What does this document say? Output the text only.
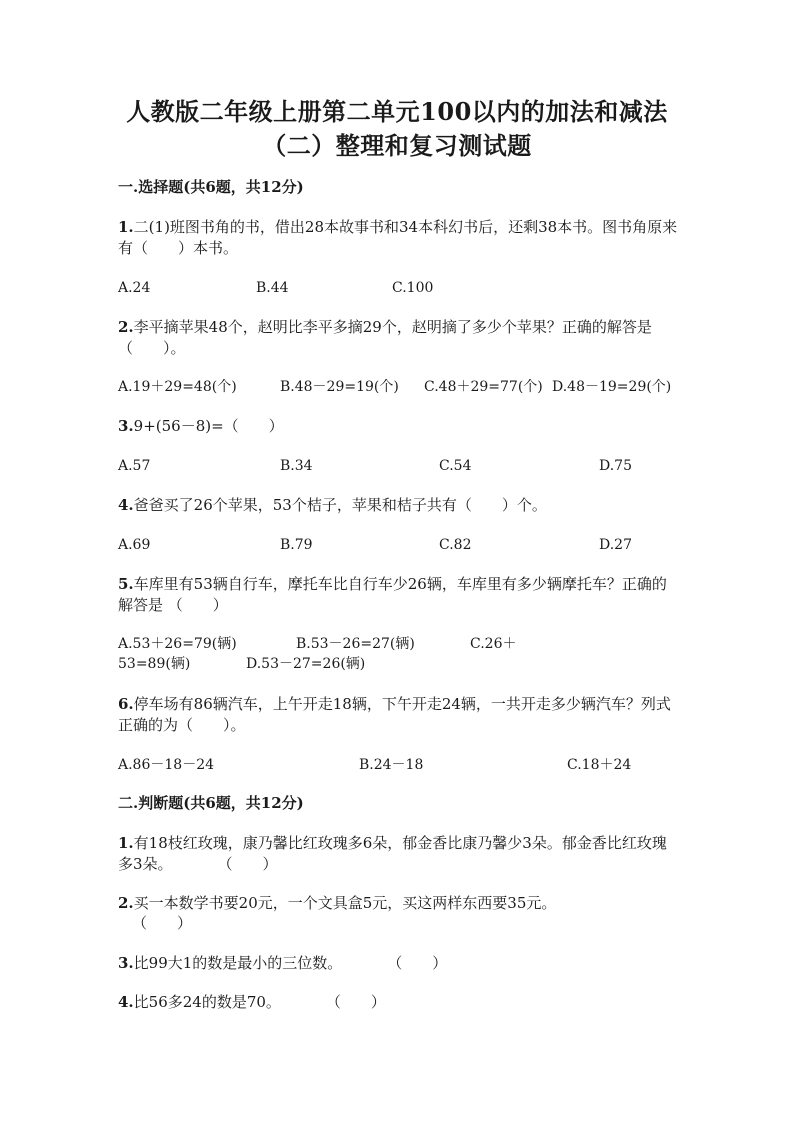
人教版二年级上册第二单元100以内的加法和减法
（二）整理和复习测试题
一.选择题(共6题，共12分)
1.二(1)班图书角的书，借出28本故事书和34本科幻书后，还剩38本书。图书角原来有（　　）本书。
A.24	B.44	C.100
2.李平摘苹果48个，赵明比李平多摘29个，赵明摘了多少个苹果？正确的解答是 （　　）。
A.19＋29=48(个)	B.48－29=19(个) C.48＋29=77(个) D.48－19=29(个)
3.9+(56－8)=（　　）
A.57	B.34	C.54	D.75
4.爸爸买了26个苹果，53个桔子，苹果和桔子共有（　　）个。
A.69	B.79	C.82	D.27
5.车库里有53辆自行车，摩托车比自行车少26辆，车库里有多少辆摩托车？正确的解答是 （　　）
A.53＋26=79(辆)	B.53－26=27(辆)	C.26＋
53=89(辆)	D.53－27=26(辆)
6.停车场有86辆汽车，上午开走18辆，下午开走24辆，一共开走多少辆汽车？列式正确的为（　　）。
A.86－18－24	B.24－18	C.18＋24
二.判断题(共6题，共12分)
1.有18枝红玫瑰，康乃馨比红玫瑰多6朵，郁金香比康乃馨少3朵。郁金香比红玫瑰多3朵。　　　　（　　）
2.买一本数学书要20元，一个文具盒5元，买这两样东西要35元。
（　　）
3.比99大1的数是最小的三位数。　　　　（　　）
4.比56多24的数是70。　　　　（　　）
